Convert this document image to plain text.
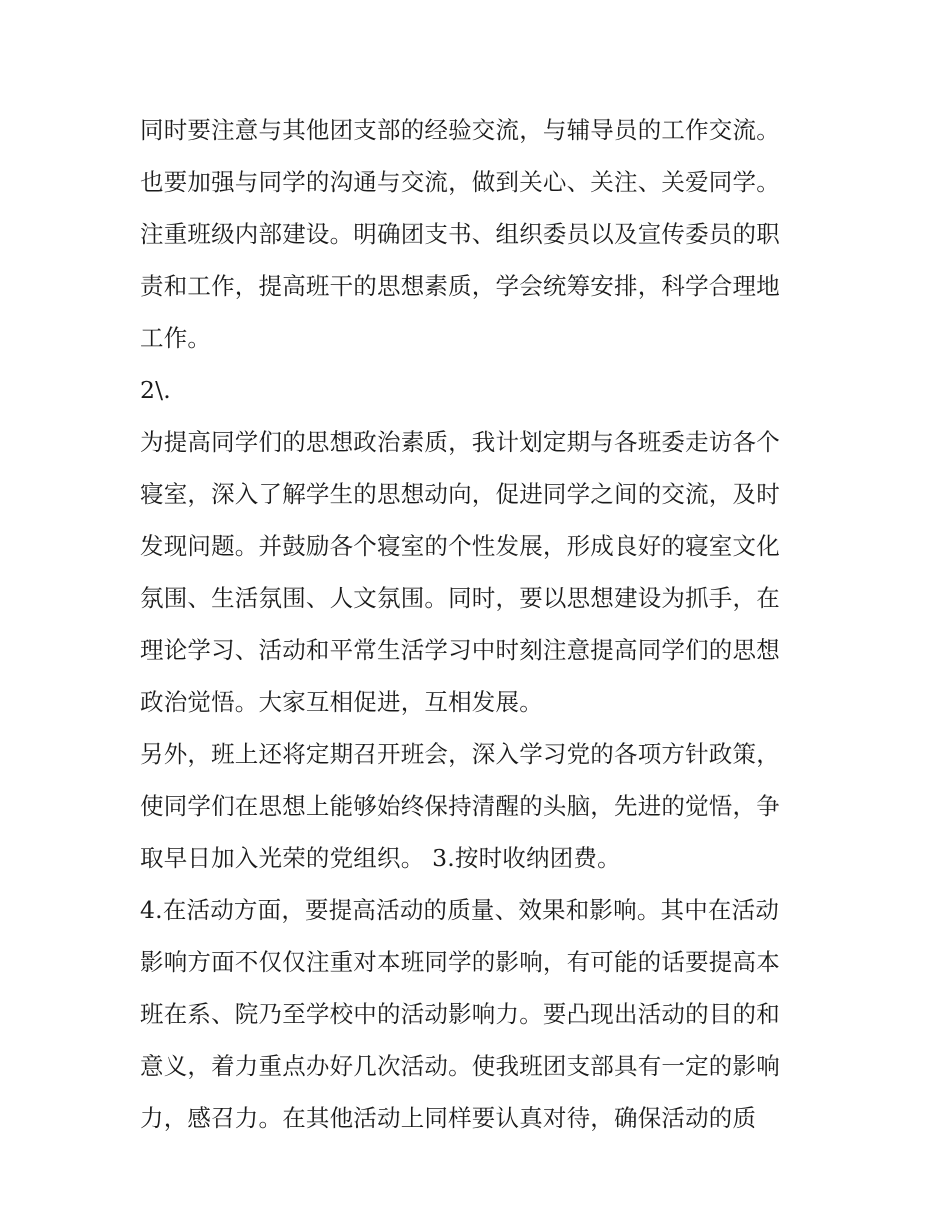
同时要注意与其他团支部的经验交流，与辅导员的工作交流。
也要加强与同学的沟通与交流，做到关心、关注、关爱同学。
注重班级内部建设。明确团支书、组织委员以及宣传委员的职
责和工作，提高班干的思想素质，学会统筹安排，科学合理地
工作。
2\.
为提高同学们的思想政治素质，我计划定期与各班委走访各个
寝室，深入了解学生的思想动向，促进同学之间的交流，及时
发现问题。并鼓励各个寝室的个性发展，形成良好的寝室文化
氛围、生活氛围、人文氛围。同时，要以思想建设为抓手，在
理论学习、活动和平常生活学习中时刻注意提高同学们的思想
政治觉悟。大家互相促进，互相发展。
另外，班上还将定期召开班会，深入学习党的各项方针政策，
使同学们在思想上能够始终保持清醒的头脑，先进的觉悟，争
取早日加入光荣的党组织。 3.按时收纳团费。
4.在活动方面，要提高活动的质量、效果和影响。其中在活动
影响方面不仅仅注重对本班同学的影响，有可能的话要提高本
班在系、院乃至学校中的活动影响力。要凸现出活动的目的和
意义，着力重点办好几次活动。使我班团支部具有一定的影响
力，感召力。在其他活动上同样要认真对待，确保活动的质
